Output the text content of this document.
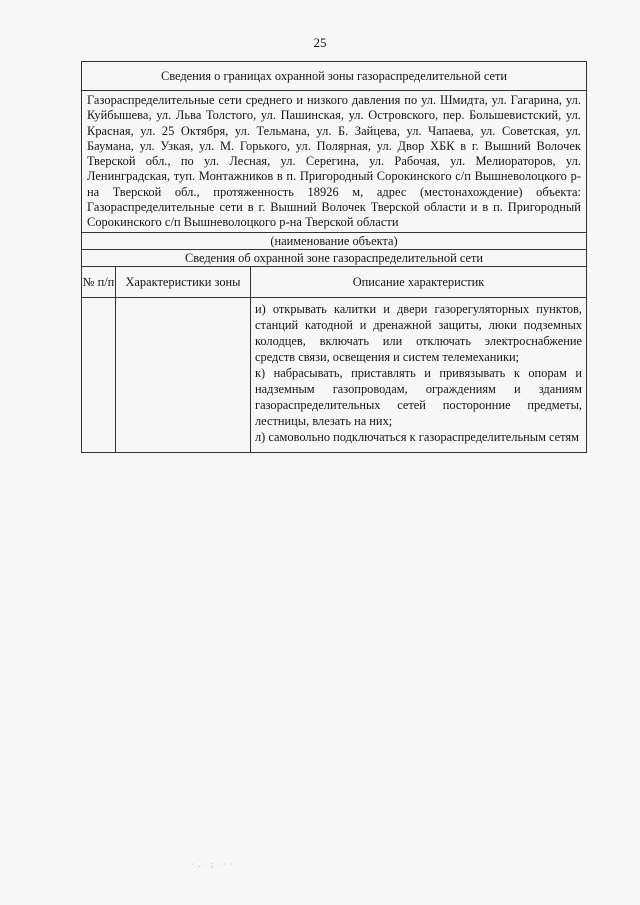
25
Сведения о границах охранной зоны газораспределительной сети
Газораспределительные сети среднего и низкого давления по ул. Шмидта, ул. Гагарина, ул. Куйбышева, ул. Льва Толстого, ул. Пашинская, ул. Островского, пер. Большевистский, ул. Красная, ул. 25 Октября, ул. Тельмана, ул. Б. Зайцева, ул. Чапаева, ул. Советская, ул. Баумана, ул. Узкая, ул. М. Горького, ул. Полярная, ул. Двор ХБК в г. Вышний Волочек Тверской обл., по ул. Лесная, ул. Серегина, ул. Рабочая, ул. Мелиораторов, ул. Ленинградская, туп. Монтажников в п. Пригородный Сорокинского с/п Вышневолоцкого р-на Тверской обл., протяженность 18926 м, адрес (местонахождение) объекта: Газораспределительные сети в г. Вышний Волочек Тверской области и в п. Пригородный Сорокинского с/п Вышневолоцкого р-на Тверской области
(наименование объекта)
Сведения об охранной зоне газораспределительной сети
№ п/п Характеристики зоны	Описание характеристик
и) открывать калитки и двери газорегуляторных пунктов, станций катодной и дренажной защиты, люки подземных колодцев, включать или отключать электроснабжение средств связи, освещения и систем телемеханики;
к) набрасывать, приставлять и привязывать к опорам и надземным газопроводам, ограждениям и зданиям газораспределительных сетей посторонние предметы, лестницы, влезать на них;
л) самовольно подключаться к газораспределительным сетям
· · . · ; · · ·
